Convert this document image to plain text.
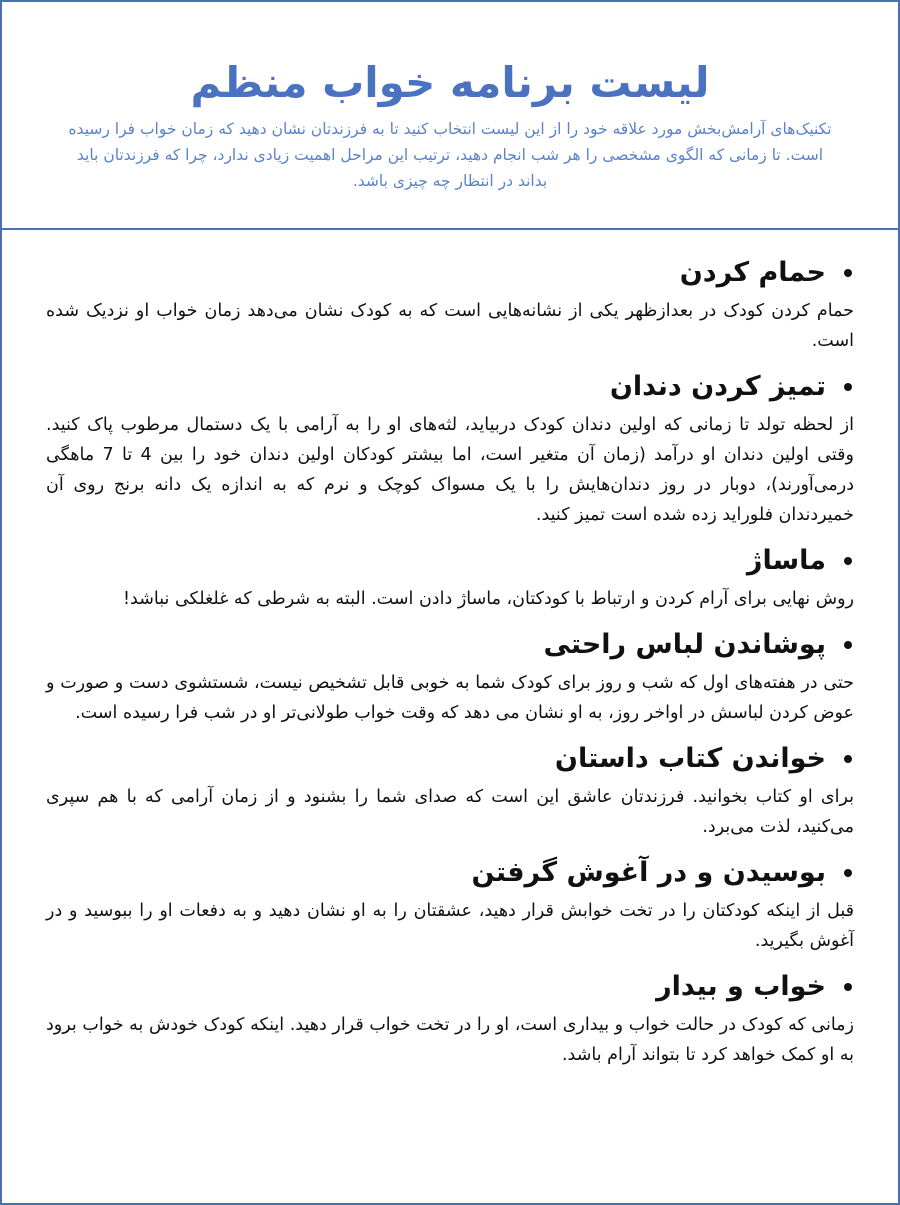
لیست برنامه خواب منظم

تکنیک‌های آرامش‌بخش مورد علاقه خود را از این لیست انتخاب کنید تا به فرزندتان نشان دهید که زمان خواب فرا رسیده است. تا زمانی که الگوی مشخصی را هر شب انجام دهید، ترتیب این مراحل اهمیت زیادی ندارد، چرا که فرزندتان باید بداند در انتظار چه چیزی باشد.

حمام کردن

حمام کردن کودک در بعدازظهر یکی از نشانه‌هایی است که به کودک نشان می‌دهد زمان خواب او نزدیک شده است.

تمیز کردن دندان

از لحظه تولد تا زمانی که اولین دندان کودک دربیاید، لثه‌های او را به آرامی با یک دستمال مرطوب پاک کنید. وقتی اولین دندان او درآمد (زمان آن متغیر است، اما بیشتر کودکان اولین دندان خود را بین 4 تا 7 ماهگی درمی‌آورند)، دوبار در روز دندان‌هایش را با یک مسواک کوچک و نرم که به اندازه یک دانه برنج روی آن خمیردندان فلوراید زده شده است تمیز کنید.

ماساژ

روش نهایی برای آرام کردن و ارتباط با کودکتان، ماساژ دادن است. البته به شرطی که غلغلکی نباشد!

پوشاندن لباس راحتی

حتی در هفته‌های اول که شب و روز برای کودک شما به خوبی قابل تشخیص نیست، شستشوی دست و صورت و عوض کردن لباسش در اواخر روز، به او نشان می دهد که وقت خواب طولانی‌تر او در شب فرا رسیده است.

خواندن کتاب داستان

برای او کتاب بخوانید. فرزندتان عاشق این است که صدای شما را بشنود و از زمان آرامی که با هم سپری می‌کنید، لذت می‌برد.

بوسیدن و در آغوش گرفتن

قبل از اینکه کودکتان را در تخت خوابش قرار دهید، عشقتان را به او نشان دهید و به دفعات او را ببوسید و در آغوش بگیرید.

خواب و بیدار

زمانی که کودک در حالت خواب و بیداری است، او را در تخت خواب قرار دهید. اینکه کودک خودش به خواب برود به او کمک خواهد کرد تا بتواند آرام باشد.
